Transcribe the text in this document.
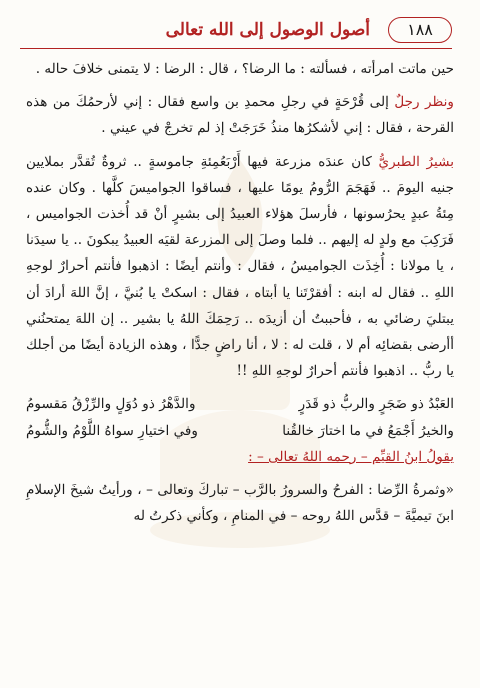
١٨٨
أصول الوصول إلى الله تعالى

حين ماتت امرأته ، فسألته : ما الرضا؟ ، قال : الرضا : لا يتمنى خلافَ حاله .

ونظر رجلٌ إلى قُرْحَةٍ في رجلِ محمدِ بن واسع فقال : إني لأرحمُكَ من هذه القرحة ، فقال : إني لأشكرُها منذُ خَرَجَتْ إذ لم تخرجْ في عيني .

بشيرُ الطبريُّ كان عندَه مزرعة فيها أَرْبَعُمِئةِ جاموسةٍ .. ثروةٌ تُقدَّر بملايين جنيه اليومَ .. فَهَجَمَ الرُّومُ يومًا عليها ، فساقوا الجواميسَ كلَّها . وكان عنده مِئةُ عبدٍ يحرُسونها ، فأرسلَ هؤلاء العبيدُ إلى بشيرٍ أنْ قد أُخذت الجواميس ، فَرَكِبَ مع ولدٍ له إليهم .. فلما وصلَ إلى المزرعة لقيَه العبيدُ يبكونَ .. يا سيدَنا ، يا مولانا : أُخِذَت الجواميسُ ، فقال : وأنتم أيضًا : اذهبوا فأنتم أحرارٌ لوجهِ اللهِ .. فقال له ابنه : أفقرْتَنا يا أبتاه ، فقال : اسكتْ يا بُنيَّ ، إنَّ اللهَ أرادَ أن يبتليَ رضائي به ، فأحببتُ أن أزيدَه .. رَحِمَكَ اللهُ يا بشير .. إن اللهَ يمتحنُني أأرضى بقضائِه أم لا ، قلت له : لا ، أنا راضٍ جدًّا ، وهذه الزيادة أيضًا من أجلك يا ربُّ .. اذهبوا فأنتم أحرارٌ لوجهِ اللهِ !!

العَبْدُ ذو ضَجَرٍ والربُّ ذو قَدَرٍ
والدَّهْرُ ذو دُوَلٍ والرِّزْقُ مَقسومُ
والخيرُ أَجْمَعُ في ما اختارَ خالقُنا
وفي اختيارِ سواهُ اللَّوْمُ والشُّومُ

يقولُ ابنُ القيِّم – رحمه اللهُ تعالى – :

«وثمرةُ الرِّضا : الفرحُ والسرورُ بالرَّب – تباركَ وتعالى – ، ورأيتُ شيخَ الإسلامِ ابنَ تيميَّةَ – قدَّس اللهُ روحه – في المنامِ ، وكأني ذكرتُ له
